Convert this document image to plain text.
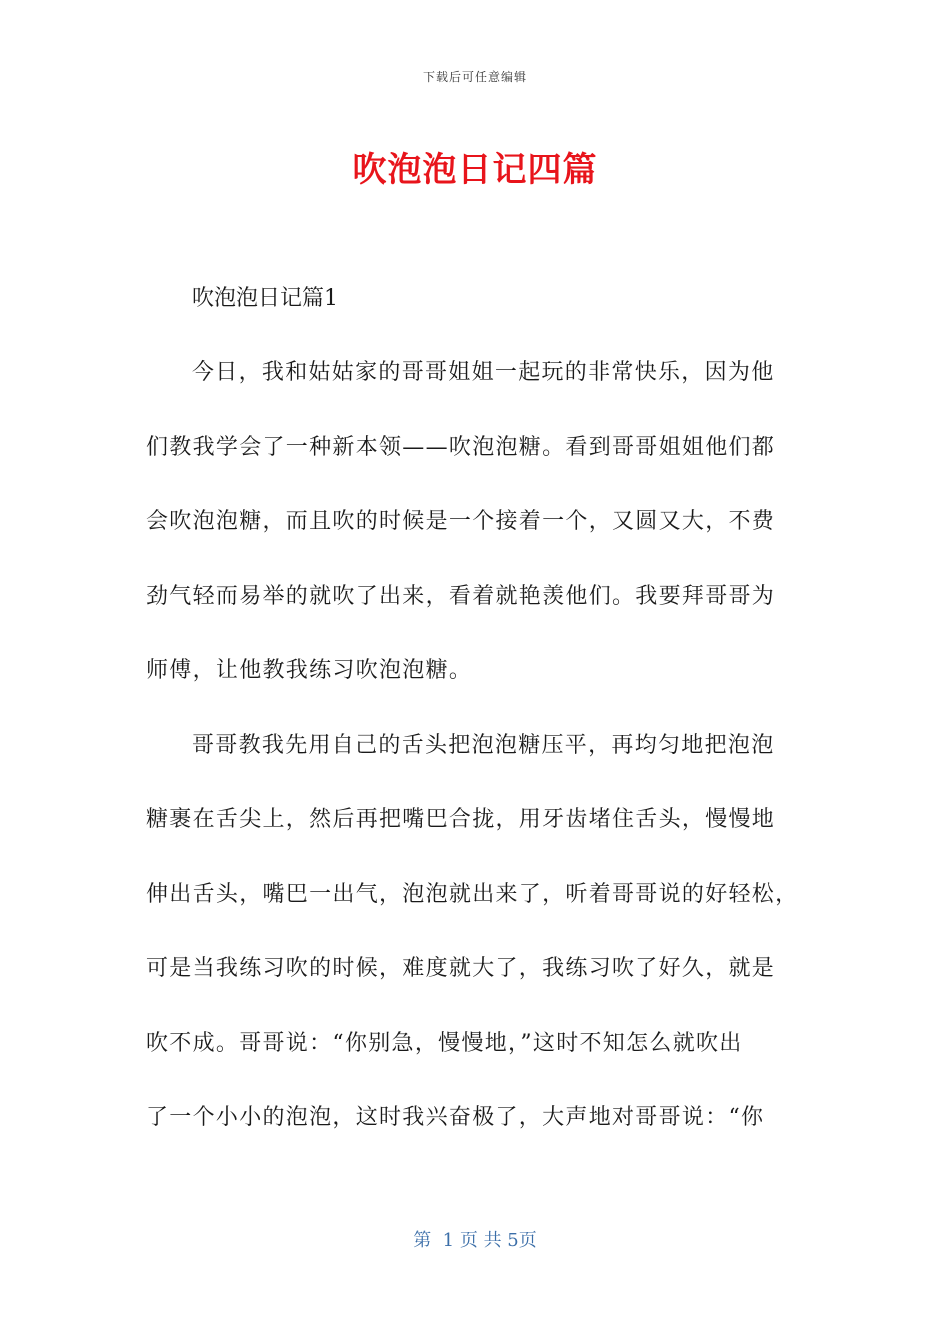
下载后可任意编辑
吹泡泡日记四篇
吹泡泡日记篇1
今日，我和姑姑家的哥哥姐姐一起玩的非常快乐，因为他
们教我学会了一种新本领——吹泡泡糖。看到哥哥姐姐他们都
会吹泡泡糖，而且吹的时候是一个接着一个，又圆又大，不费
劲气轻而易举的就吹了出来，看着就艳羡他们。我要拜哥哥为
师傅，让他教我练习吹泡泡糖。
哥哥教我先用自己的舌头把泡泡糖压平，再均匀地把泡泡
糖裹在舌尖上，然后再把嘴巴合拢，用牙齿堵住舌头，慢慢地
伸出舌头，嘴巴一出气，泡泡就出来了，听着哥哥说的好轻松，
可是当我练习吹的时候，难度就大了，我练习吹了好久，就是
吹不成。哥哥说：“你别急，慢慢地，”这时不知怎么就吹出
了一个小小的泡泡，这时我兴奋极了，大声地对哥哥说：“你
第  1 页 共 5页
